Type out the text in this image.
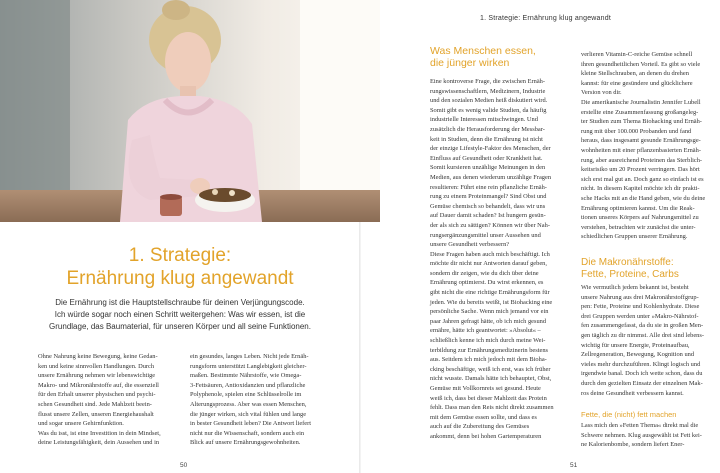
1. Strategie:
Ernährung klug angewandt

Die Ernährung ist die Hauptstellschraube für deinen Verjüngungscode.

Ich würde sogar noch einen Schritt weitergehen: Was wir essen, ist die

Grundlage, das Baumaterial, für unseren Körper und all seine Funktionen.

Ohne Nahrung keine Bewegung, keine Gedan-

ken und keine sinnvollen Handlungen. Durch

unsere Ernährung nehmen wir lebenswichtige

Makro- und Mikronährstoffe auf, die essenziell

für den Erhalt unserer physischen und psychi-

schen Gesundheit sind. Jede Mahlzeit beein-

flusst unsere Zellen, unseren Energiehaushalt

und sogar unsere Gehirnfunktion.

Was du isst, ist eine Investition in dein Mindset,

deine Leistungsfähigkeit, dein Aussehen und in

ein gesundes, langes Leben. Nicht jede Ernäh-

rungsform unterstützt Langlebigkeit gleicher-

maßen. Bestimmte Nährstoffe, wie Omega-

3-Fettsäuren, Antioxidanzien und pflanzliche

Polyphenole, spielen eine Schlüsselrolle im

Alterungsprozess. Aber was essen Menschen,

die jünger wirken, sich vital fühlen und lange

in bester Gesundheit leben? Die Antwort liefert

nicht nur die Wissenschaft, sondern auch ein

Blick auf unsere Ernährungsgewohnheiten.

50
1. Strategie: Ernährung klug angewandt
Was Menschen essen,
die jünger wirken

Eine kontroverse Frage, die zwischen Ernäh-

rungswissenschaftlern, Medizinern, Industrie

und den sozialen Medien heiß diskutiert wird.

Somit gibt es wenig valide Studien, da häufig

industrielle Interessen mitschwingen. Und

zusätzlich die Herausforderung der Messbar-

keit in Studien, denn die Ernährung ist nicht

der einzige Lifestyle-Faktor des Menschen, der

Einfluss auf Gesundheit oder Krankheit hat.

Somit kursieren unzählige Meinungen in den

Medien, aus denen wiederum unzählige Fragen

resultieren: Führt eine rein pflanzliche Ernäh-

rung zu einem Proteinmangel? Sind Obst und

Gemüse chemisch so behandelt, dass wir uns

auf Dauer damit schaden? Ist hungern gesün-

der als sich zu sättigen? Können wir über Nah-

rungsergänzungsmittel unser Aussehen und

unsere Gesundheit verbessern?

Diese Fragen haben auch mich beschäftigt. Ich

möchte dir nicht nur Antworten darauf geben,

sondern dir zeigen, wie du dich über deine

Ernährung optimierst. Du wirst erkennen, es

gibt nicht die eine richtige Ernährungsform für

jeden. Wie du bereits weißt, ist Biohacking eine

persönliche Sache. Wenn mich jemand vor ein

paar Jahren gefragt hätte, ob ich mich gesund

ernähre, hätte ich geantwortet: »Absolut« –

schließlich kenne ich mich durch meine Wei-

terbildung zur Ernährungsmedizinerin bestens

aus. Seitdem ich mich jedoch mit dem Bioha-

cking beschäftige, weiß ich erst, was ich früher

nicht wusste. Damals hätte ich behauptet, Obst,

Gemüse mit Vollkornreis sei gesund. Heute

weiß ich, dass bei dieser Mahlzeit das Protein

fehlt. Dass man den Reis nicht direkt zusammen

mit dem Gemüse essen sollte, und dass es

auch auf die Zubereitung des Gemüses

ankommt, denn bei hohen Gartemperaturen

verlieren Vitamin-C-reiche Gemüse schnell

ihren gesundheitlichen Vorteil. Es gibt so viele

kleine Stellschrauben, an denen du drehen

kannst: für eine gesündere und glücklichere

Version von dir.

Die amerikanische Journalistin Jennifer Lubell

erstellte eine Zusammenfassung großangeleg-

ter Studien zum Thema Biohacking und Ernäh-

rung mit über 100.000 Probanden und fand

heraus, dass insgesamt gesunde Ernährungsge-

wohnheiten mit einer pflanzenbasierten Ernäh-

rung, aber ausreichend Proteinen das Sterblich-

keitsrisiko um 20 Prozent verringern. Das hört

sich erst mal gut an. Doch ganz so einfach ist es

nicht. In diesem Kapitel möchte ich dir prakti-

sche Hacks mit an die Hand geben, wie du deine

Ernährung optimieren kannst. Um die Reak-

tionen unseres Körpers auf Nahrungsmittel zu

verstehen, betrachten wir zunächst die unter-

schiedlichen Gruppen unserer Ernährung.

Die Makronährstoffe:
Fette, Proteine, Carbs

Wie vermutlich jedem bekannt ist, besteht

unsere Nahrung aus drei Makronährstoffgrup-

pen: Fette, Proteine und Kohlenhydrate. Diese

drei Gruppen werden unter »Makro-Nährstof-

fen zusammengefasst, da du sie in großen Men-

gen täglich zu dir nimmst. Alle drei sind lebens-

wichtig für unsere Energie, Proteinaufbau,

Zellregeneration, Bewegung, Kognition und

vieles mehr durchzuführen. Klingt logisch und

irgendwie banal. Doch ich wette schon, dass du

durch den gezielten Einsatz der einzelnen Mak-

ros deine Gesundheit verbessern kannst.

Fette, die (nicht) fett machen

Lass mich den »Fetten Thema« direkt mal die

Schwere nehmen. Klug ausgewählt ist Fett kei-

ne Kalorienbombe, sondern liefert Ener-

51
